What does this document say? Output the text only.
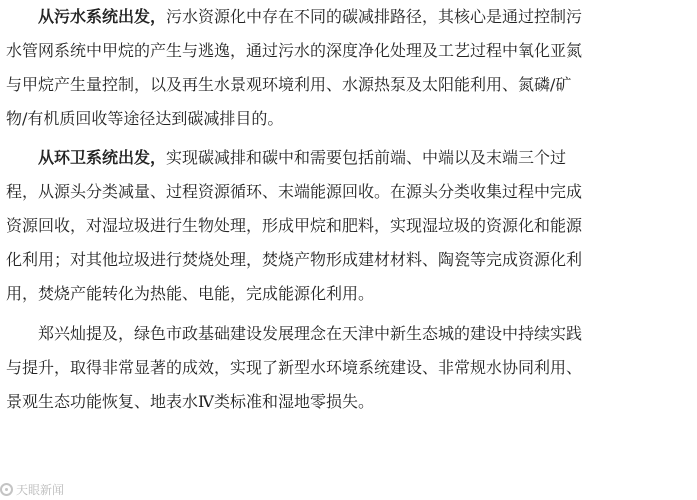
从污水系统出发，污水资源化中存在不同的碳减排路径，其核心是通过控制污
水管网系统中甲烷的产生与逃逸，通过污水的深度净化处理及工艺过程中氧化亚氮
与甲烷产生量控制，以及再生水景观环境利用、水源热泵及太阳能利用、氮磷/矿
物/有机质回收等途径达到碳减排目的。
从环卫系统出发，实现碳减排和碳中和需要包括前端、中端以及末端三个过
程，从源头分类减量、过程资源循环、末端能源回收。在源头分类收集过程中完成
资源回收，对湿垃圾进行生物处理，形成甲烷和肥料，实现湿垃圾的资源化和能源
化利用；对其他垃圾进行焚烧处理，焚烧产物形成建材材料、陶瓷等完成资源化利
用，焚烧产能转化为热能、电能，完成能源化利用。
郑兴灿提及，绿色市政基础建设发展理念在天津中新生态城的建设中持续实践
与提升，取得非常显著的成效，实现了新型水环境系统建设、非常规水协同利用、
景观生态功能恢复、地表水Ⅳ类标准和湿地零损失。
天眼新闻
